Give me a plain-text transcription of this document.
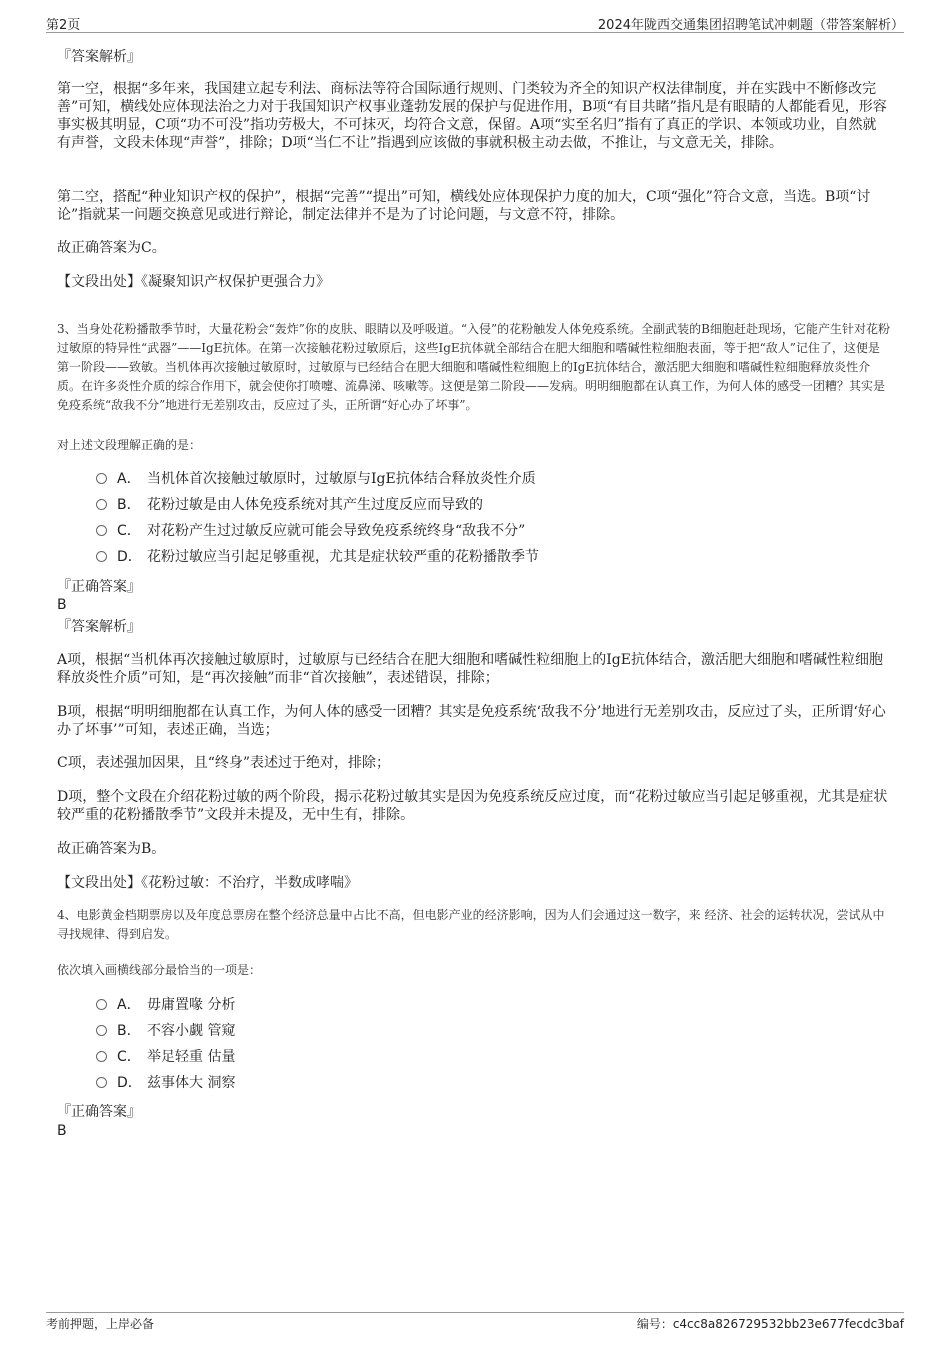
第2页	2024年陇西交通集团招聘笔试冲刺题（带答案解析）
『答案解析』

第一空，根据“多年来，我国建立起专利法、商标法等符合国际通行规则、门类较为齐全的知识产权法律制度，并在实践中不断修改完善”可知，横线处应体现法治之力对于我国知识产权事业蓬勃发展的保护与促进作用，B项“有目共睹”指凡是有眼睛的人都能看见，形容事实极其明显，C项“功不可没”指功劳极大，不可抹灭，均符合文意，保留。A项“实至名归”指有了真正的学识、本领或功业，自然就有声誉，文段未体现“声誉”，排除；D项“当仁不让”指遇到应该做的事就积极主动去做，不推让，与文意无关，排除。

第二空，搭配“种业知识产权的保护”，根据“完善”“提出”可知，横线处应体现保护力度的加大，C项“强化”符合文意，当选。B项“讨论”指就某一问题交换意见或进行辩论，制定法律并不是为了讨论问题，与文意不符，排除。

故正确答案为C。

【文段出处】《凝聚知识产权保护更强合力》

3、当身处花粉播散季节时，大量花粉会“轰炸”你的皮肤、眼睛以及呼吸道。“入侵”的花粉触发人体免疫系统。全副武装的B细胞赶赴现场，它能产生针对花粉过敏原的特异性“武器”——IgE抗体。在第一次接触花粉过敏原后，这些IgE抗体就全部结合在肥大细胞和嗜碱性粒细胞表面，等于把“敌人”记住了，这便是第一阶段——致敏。当机体再次接触过敏原时，过敏原与已经结合在肥大细胞和嗜碱性粒细胞上的IgE抗体结合，激活肥大细胞和嗜碱性粒细胞释放炎性介质。在许多炎性介质的综合作用下，就会使你打喷嚏、流鼻涕、咳嗽等。这便是第二阶段——发病。明明细胞都在认真工作，为何人体的感受一团糟？其实是免疫系统“敌我不分”地进行无差别攻击，反应过了头，正所谓“好心办了坏事”。

对上述文段理解正确的是：

A． 当机体首次接触过敏原时，过敏原与IgE抗体结合释放炎性介质
B． 花粉过敏是由人体免疫系统对其产生过度反应而导致的
C． 对花粉产生过过敏反应就可能会导致免疫系统终身“敌我不分”
D． 花粉过敏应当引起足够重视，尤其是症状较严重的花粉播散季节
『正确答案』
B
『答案解析』

A项，根据“当机体再次接触过敏原时，过敏原与已经结合在肥大细胞和嗜碱性粒细胞上的IgE抗体结合，激活肥大细胞和嗜碱性粒细胞释放炎性介质”可知，是“再次接触”而非“首次接触”，表述错误，排除；

B项，根据“明明细胞都在认真工作，为何人体的感受一团糟？其实是免疫系统‘敌我不分’地进行无差别攻击，反应过了头，正所谓‘好心办了坏事’”可知，表述正确，当选；

C项，表述强加因果，且“终身”表述过于绝对，排除；

D项，整个文段在介绍花粉过敏的两个阶段，揭示花粉过敏其实是因为免疫系统反应过度，而“花粉过敏应当引起足够重视，尤其是症状较严重的花粉播散季节”文段并未提及，无中生有，排除。

故正确答案为B。

【文段出处】《花粉过敏：不治疗，半数成哮喘》

4、电影黄金档期票房以及年度总票房在整个经济总量中占比不高，但电影产业的经济影响，因为人们会通过这一数字，来 经济、社会的运转状况，尝试从中寻找规律、得到启发。

依次填入画横线部分最恰当的一项是：

A． 毋庸置喙 分析
B． 不容小觑 管窥
C． 举足轻重 估量
D． 兹事体大 洞察
『正确答案』
B
考前押题，上岸必备	编号：c4cc8a826729532bb23e677fecdc3baf
